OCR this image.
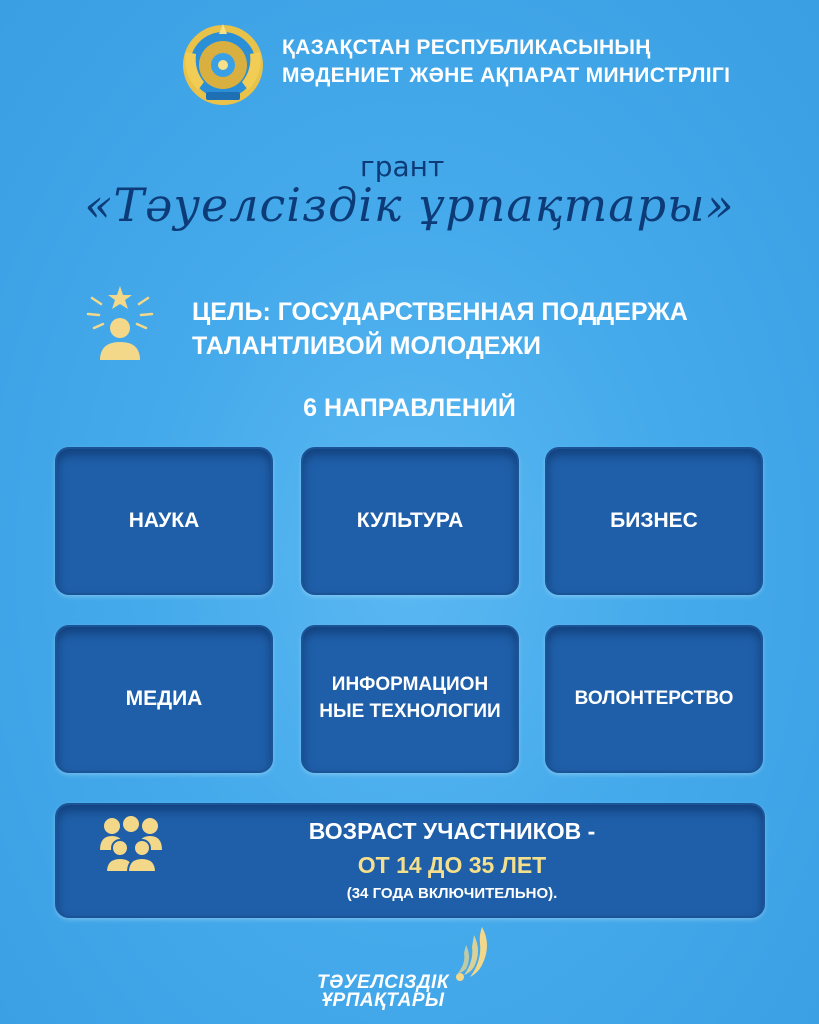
ҚАЗАҚСТАН РЕСПУБЛИКАСЫНЫҢ
МӘДЕНИЕТ ЖӘНЕ АҚПАРАТ МИНИСТРЛІГІ
грант
«Тәуелсіздік ұрпақтары»
ЦЕЛЬ: ГОСУДАРСТВЕННАЯ ПОДДЕРЖА
ТАЛАНТЛИВОЙ МОЛОДЕЖИ
6 НАПРАВЛЕНИЙ
НАУКА	КУЛЬТУРА	БИЗНЕС
МЕДИА
ИНФОРМАЦИОН
НЫЕ ТЕХНОЛОГИИ
ВОЛОНТЕРСТВО
ВОЗРАСТ УЧАСТНИКОВ -
ОТ 14 ДО 35 ЛЕТ
(34 ГОДА ВКЛЮЧИТЕЛЬНО).
ТӘУЕЛСІЗДІК
ҰРПАҚТАРЫ
